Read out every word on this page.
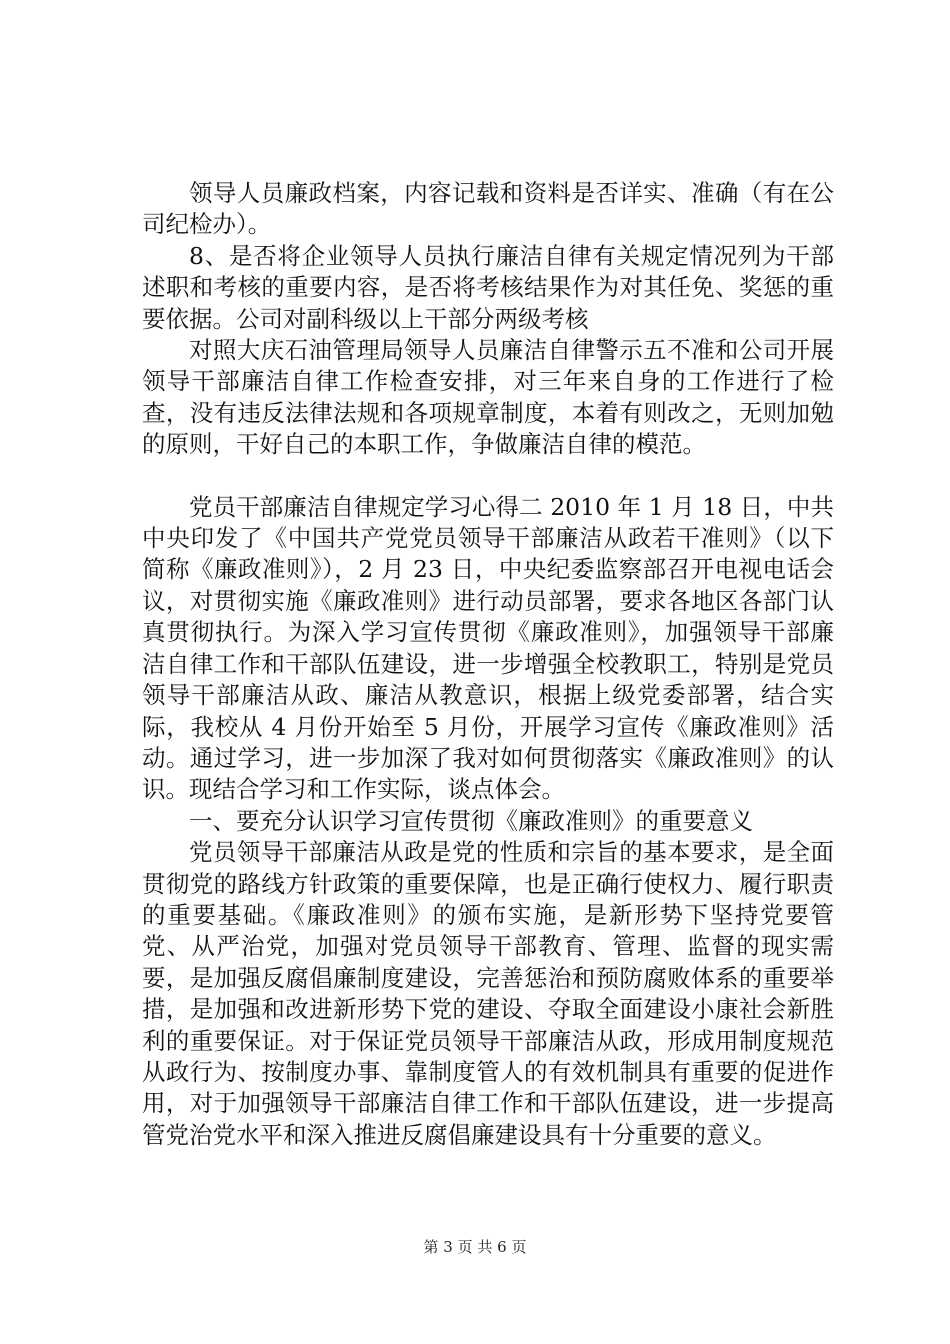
领导人员廉政档案，内容记载和资料是否详实、准确（有在公司纪检办）。

8、是否将企业领导人员执行廉洁自律有关规定情况列为干部述职和考核的重要内容，是否将考核结果作为对其任免、奖惩的重要依据。公司对副科级以上干部分两级考核

对照大庆石油管理局领导人员廉洁自律警示五不准和公司开展领导干部廉洁自律工作检查安排，对三年来自身的工作进行了检查，没有违反法律法规和各项规章制度，本着有则改之，无则加勉的原则，干好自己的本职工作，争做廉洁自律的模范。

党员干部廉洁自律规定学习心得二 2010 年 1 月 18 日，中共中央印发了《中国共产党党员领导干部廉洁从政若干准则》（以下简称《廉政准则》），2 月 23 日，中央纪委监察部召开电视电话会议，对贯彻实施《廉政准则》进行动员部署，要求各地区各部门认真贯彻执行。为深入学习宣传贯彻《廉政准则》，加强领导干部廉洁自律工作和干部队伍建设，进一步增强全校教职工，特别是党员领导干部廉洁从政、廉洁从教意识，根据上级党委部署，结合实际，我校从 4 月份开始至 5 月份，开展学习宣传《廉政准则》活动。通过学习，进一步加深了我对如何贯彻落实《廉政准则》的认识。现结合学习和工作实际，谈点体会。

一、要充分认识学习宣传贯彻《廉政准则》的重要意义

党员领导干部廉洁从政是党的性质和宗旨的基本要求，是全面贯彻党的路线方针政策的重要保障，也是正确行使权力、履行职责的重要基础。《廉政准则》的颁布实施，是新形势下坚持党要管党、从严治党，加强对党员领导干部教育、管理、监督的现实需要，是加强反腐倡廉制度建设，完善惩治和预防腐败体系的重要举措，是加强和改进新形势下党的建设、夺取全面建设小康社会新胜利的重要保证。对于保证党员领导干部廉洁从政，形成用制度规范从政行为、按制度办事、靠制度管人的有效机制具有重要的促进作用，对于加强领导干部廉洁自律工作和干部队伍建设，进一步提高管党治党水平和深入推进反腐倡廉建设具有十分重要的意义。

第 3 页 共 6 页
